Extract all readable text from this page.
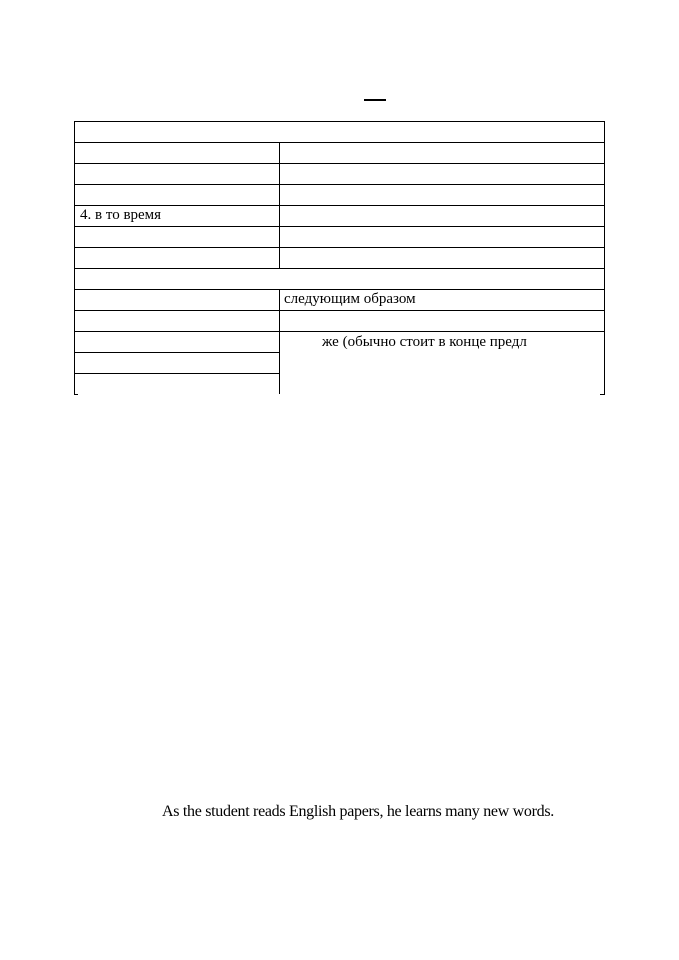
4. в то время
следующим образом
же (обычно стоит в конце предл
As the student reads English papers, he learns many new words.
